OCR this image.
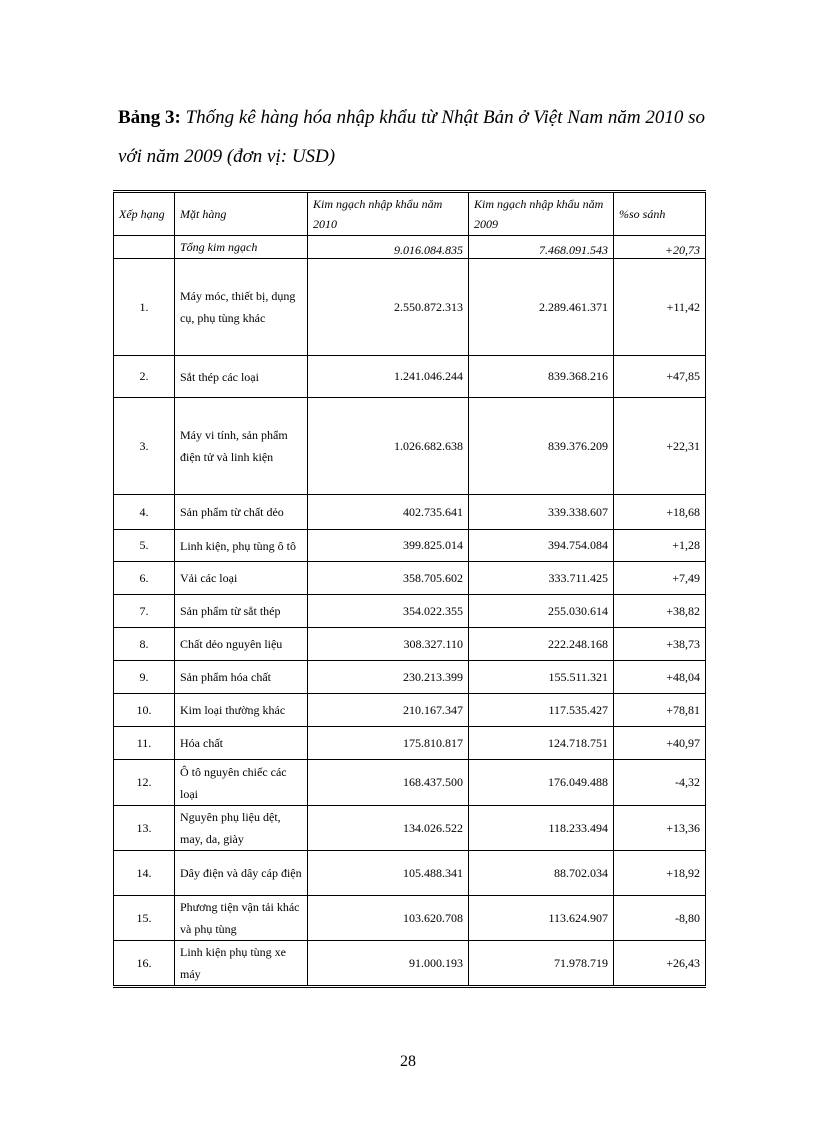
Bảng 3: Thống kê hàng hóa nhập khẩu từ Nhật Bản ở Việt Nam năm 2010 so với năm 2009 (đơn vị: USD)
Xếp hạng	Mặt hàng	Kim ngạch nhập khẩu năm 2010	Kim ngạch nhập khẩu năm 2009	%so sánh
	Tổng kim ngạch	9.016.084.835	7.468.091.543	+20,73
1.	Máy móc, thiết bị, dụng cụ, phụ tùng khác	2.550.872.313	2.289.461.371	+11,42
2.	Sắt thép các loại	1.241.046.244	839.368.216	+47,85
3.	Máy vi tính, sản phẩm điện tử và linh kiện	1.026.682.638	839.376.209	+22,31
4.	Sản phẩm từ chất dẻo	402.735.641	339.338.607	+18,68
5.	Linh kiện, phụ tùng ô tô	399.825.014	394.754.084	+1,28
6.	Vải các loại	358.705.602	333.711.425	+7,49
7.	Sản phẩm từ sắt thép	354.022.355	255.030.614	+38,82
8.	Chất dẻo nguyên liệu	308.327.110	222.248.168	+38,73
9.	Sản phẩm hóa chất	230.213.399	155.511.321	+48,04
10.	Kim loại thường khác	210.167.347	117.535.427	+78,81
11.	Hóa chất	175.810.817	124.718.751	+40,97
12.	Ô tô nguyên chiếc các loại	168.437.500	176.049.488	-4,32
13.	Nguyên phụ liệu dệt, may, da, giày	134.026.522	118.233.494	+13,36
14.	Dây điện và dây cáp điện	105.488.341	88.702.034	+18,92
15.	Phương tiện vận tải khác và phụ tùng	103.620.708	113.624.907	-8,80
16.	Linh kiện phụ tùng xe máy	91.000.193	71.978.719	+26,43
28
